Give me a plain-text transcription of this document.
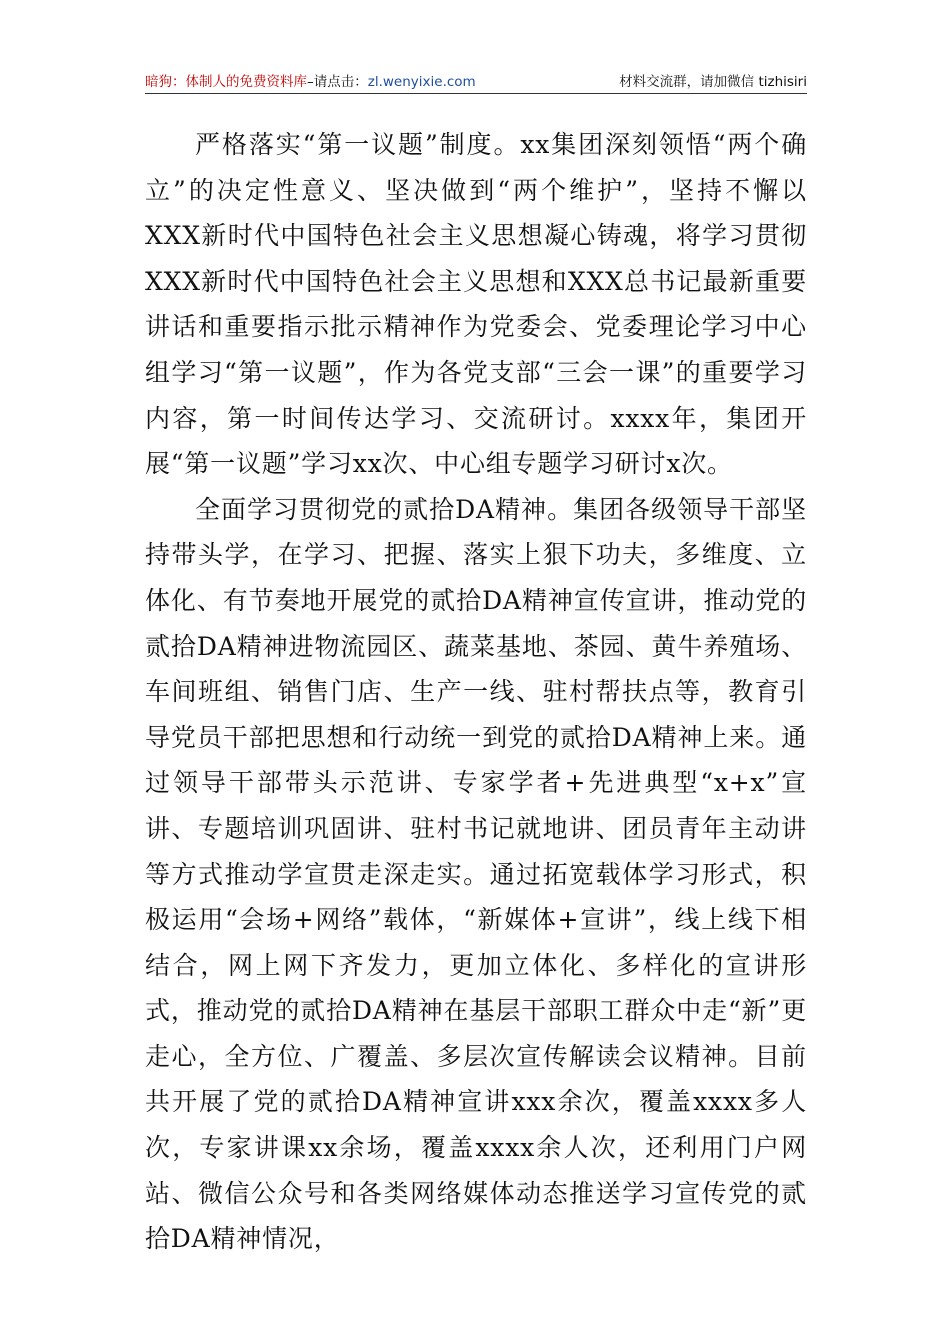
暗狗：体制人的免费资料库–请点击：zl.wenyixie.com	材料交流群，请加微信 tizhisiri

严格落实“第一议题”制度。xx集团深刻领悟“两个确立”的决定性意义、坚决做到“两个维护”，坚持不懈以XXX新时代中国特色社会主义思想凝心铸魂，将学习贯彻XXX新时代中国特色社会主义思想和XXX总书记最新重要讲话和重要指示批示精神作为党委会、党委理论学习中心组学习“第一议题”，作为各党支部“三会一课”的重要学习内容，第一时间传达学习、交流研讨。xxxx年，集团开展“第一议题”学习xx次、中心组专题学习研讨x次。

全面学习贯彻党的贰拾DA精神。集团各级领导干部坚持带头学，在学习、把握、落实上狠下功夫，多维度、立体化、有节奏地开展党的贰拾DA精神宣传宣讲，推动党的贰拾DA精神进物流园区、蔬菜基地、茶园、黄牛养殖场、车间班组、销售门店、生产一线、驻村帮扶点等，教育引导党员干部把思想和行动统一到党的贰拾DA精神上来。通过领导干部带头示范讲、专家学者+先进典型“x+x”宣讲、专题培训巩固讲、驻村书记就地讲、团员青年主动讲等方式推动学宣贯走深走实。通过拓宽载体学习形式，积极运用“会场+网络”载体，“新媒体+宣讲”，线上线下相结合，网上网下齐发力，更加立体化、多样化的宣讲形式，推动党的贰拾DA精神在基层干部职工群众中走“新”更走心，全方位、广覆盖、多层次宣传解读会议精神。目前共开展了党的贰拾DA精神宣讲xxx余次，覆盖xxxx多人次，专家讲课xx余场，覆盖xxxx余人次，还利用门户网站、微信公众号和各类网络媒体动态推送学习宣传党的贰拾DA精神情况，
